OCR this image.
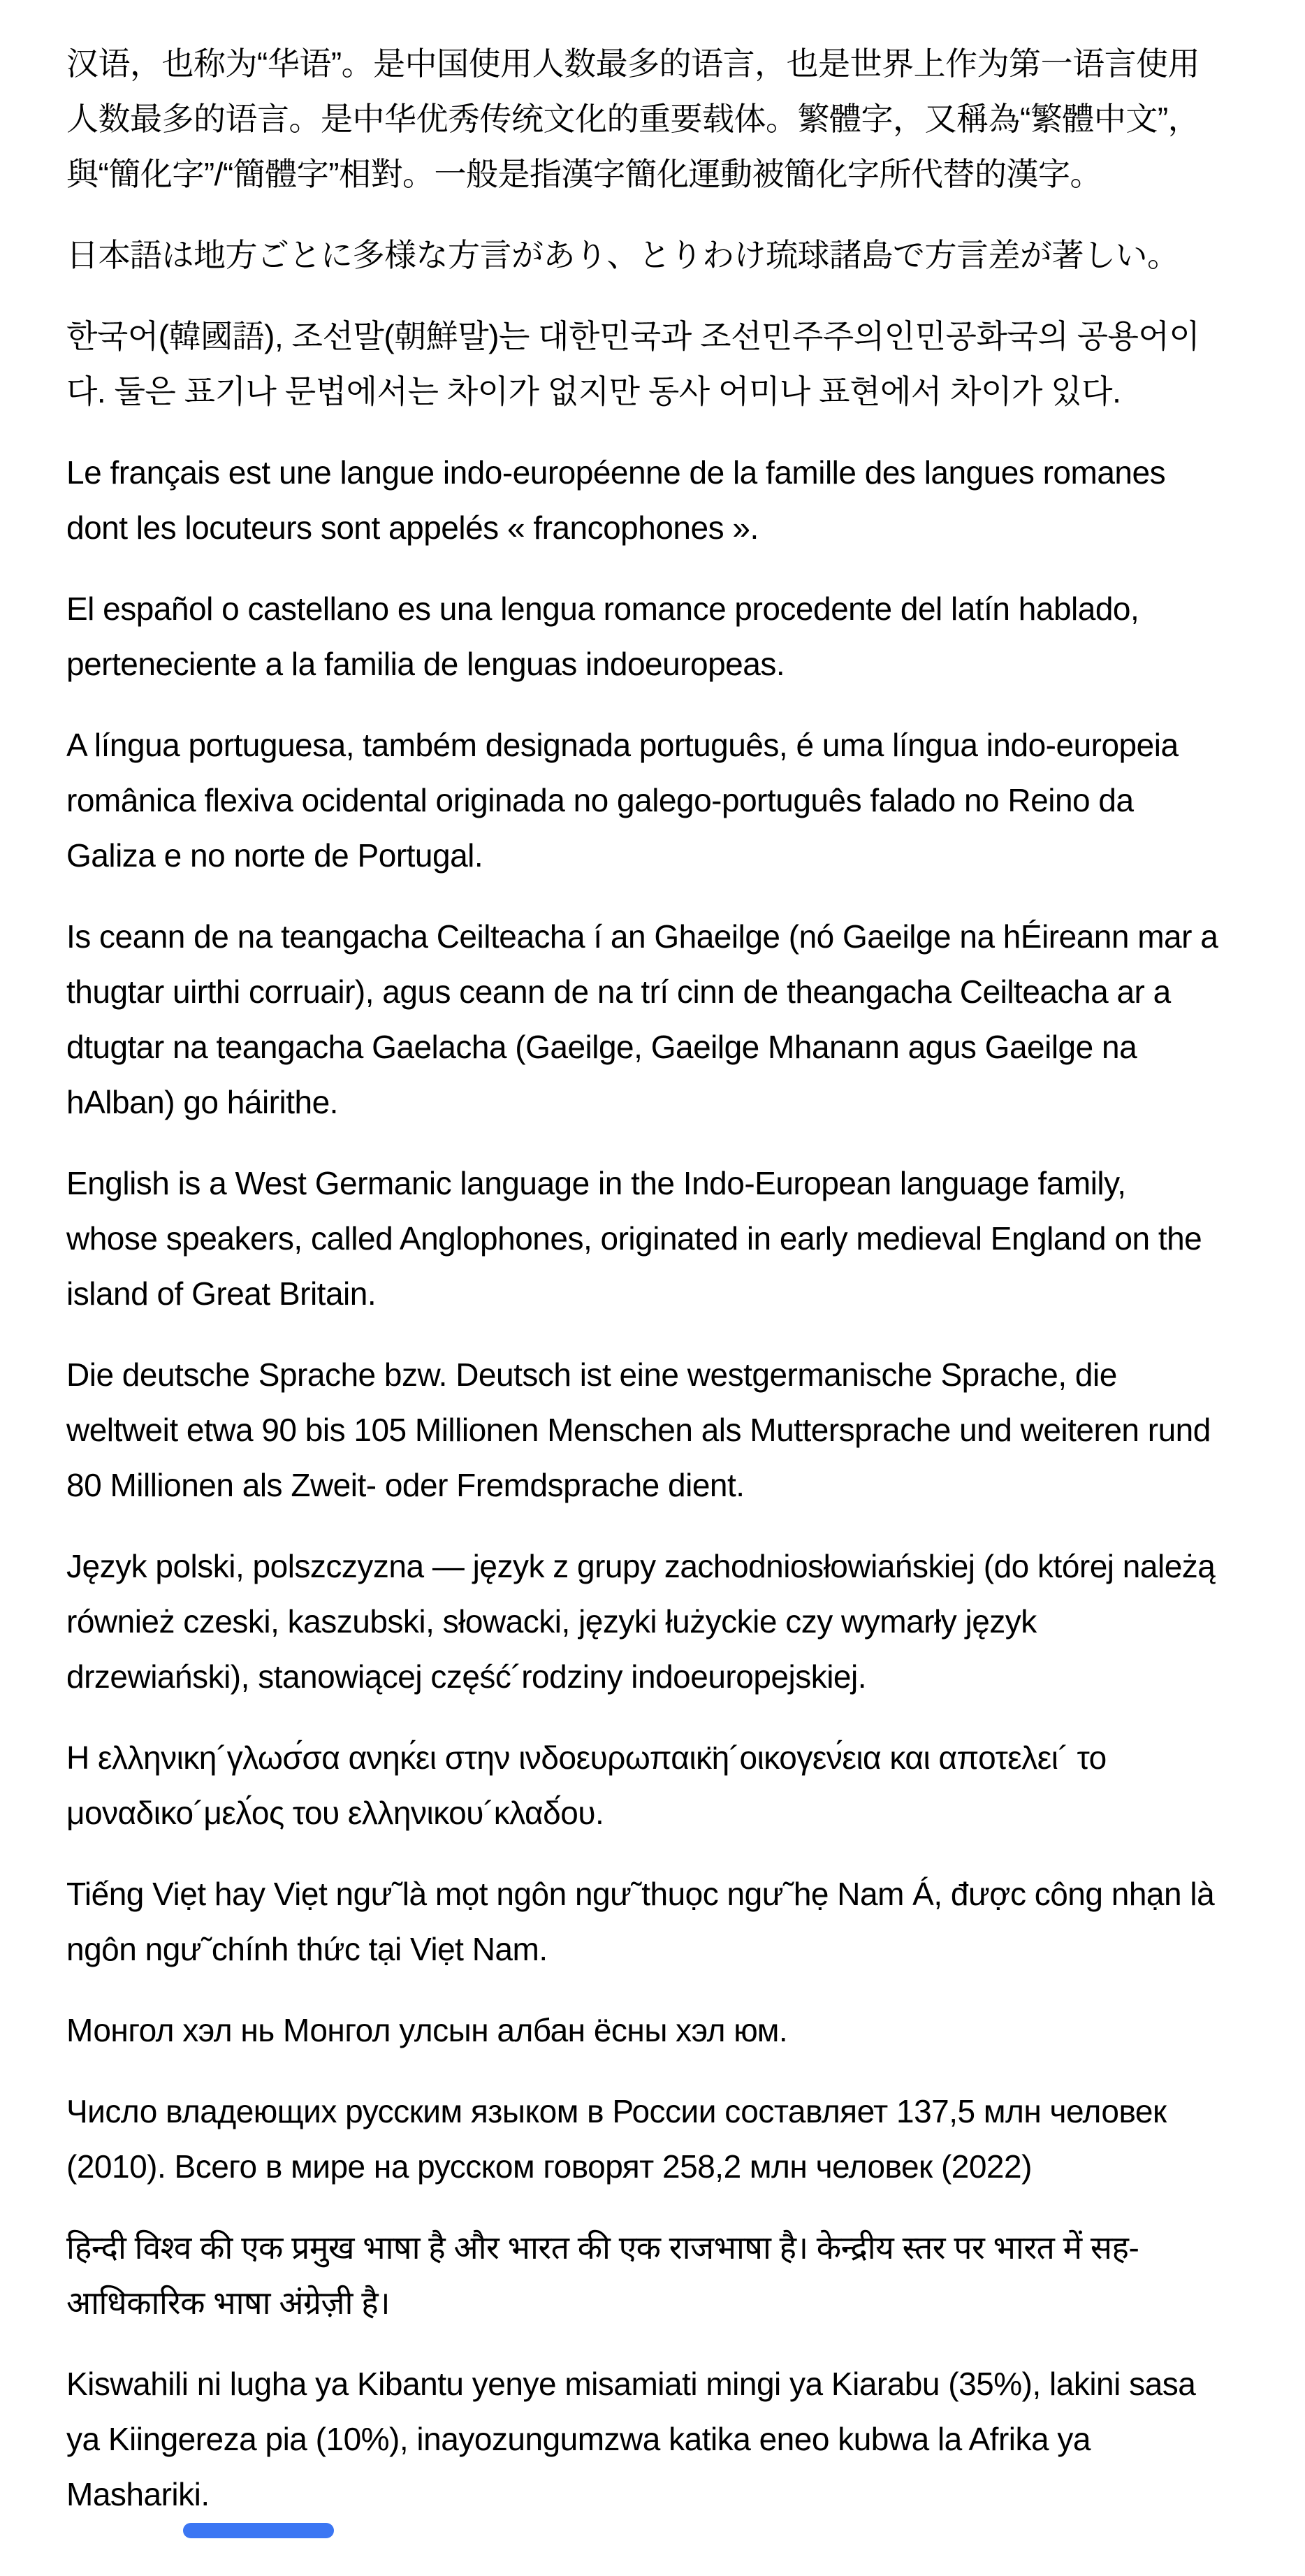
汉语，也称为“华语”。是中国使用人数最多的语言，也是世界上作为第一语言使用人数最多的语言。是中华优秀传统文化的重要载体。繁體字，又稱為“繁體中文”，與“簡化字”/“簡體字”相對。一般是指漢字簡化運動被簡化字所代替的漢字。

日本語は地方ごとに多様な方言があり、とりわけ琉球諸島で方言差が著しい。

한국어(韓國語), 조선말(朝鮮말)는 대한민국과 조선민주주의인민공화국의 공용어이다. 둘은 표기나 문법에서는 차이가 없지만 동사 어미나 표현에서 차이가 있다.

Le français est une langue indo-européenne de la famille des langues romanes dont les locuteurs sont appelés « francophones ».

El español o castellano es una lengua romance procedente del latín hablado, perteneciente a la familia de lenguas indoeuropeas.

A língua portuguesa, também designada português, é uma língua indo-europeia românica flexiva ocidental originada no galego-português falado no Reino da Galiza e no norte de Portugal.

Is ceann de na teangacha Ceilteacha í an Ghaeilge (nó Gaeilge na hÉireann mar a thugtar uirthi corruair), agus ceann de na trí cinn de theangacha Ceilteacha ar a dtugtar na teangacha Gaelacha (Gaeilge, Gaeilge Mhanann agus Gaeilge na hAlban) go háirithe.

English is a West Germanic language in the Indo-European language family, whose speakers, called Anglophones, originated in early medieval England on the island of Great Britain.

Die deutsche Sprache bzw. Deutsch ist eine westgermanische Sprache, die weltweit etwa 90 bis 105 Millionen Menschen als Muttersprache und weiteren rund 80 Millionen als Zweit- oder Fremdsprache dient.

Język polski, polszczyzna — język z grupy zachodniosłowiańskiej (do której należą również czeski, kaszubski, słowacki, języki łużyckie czy wymarły język drzewiański), stanowiącej część´rodziny indoeuropejskiej.

Η ελληνικη´γλωσ́σα ανηκ́ει στην ινδοευρωπαικ̈η´οικογεν́εια και αποτελει´ το μοναδικο´μελ́ος του ελληνικου´κλαδ́ου.

Tiếng Viẹt hay Viẹt ngư˜là mọt ngôn ngư˜thuọc ngư˜hẹ Nam Á, được công nhạn là ngôn ngư˜chính thức tại Viẹt Nam.

Монгол хэл нь Монгол улсын албан ёсны хэл юм.

Число владеющих русским языком в России составляет 137,5 млн человек (2010). Всего в мире на русском говорят 258,2 млн человек (2022)

हिन्दी विश्व की एक प्रमुख भाषा है और भारत की एक राजभाषा है। केन्द्रीय स्तर पर भारत में सह-आधिकारिक भाषा अंग्रेज़ी है।

Kiswahili ni lugha ya Kibantu yenye misamiati mingi ya Kiarabu (35%), lakini sasa ya Kiingereza pia (10%), inayozungumzwa katika eneo kubwa la Afrika ya Mashariki.
